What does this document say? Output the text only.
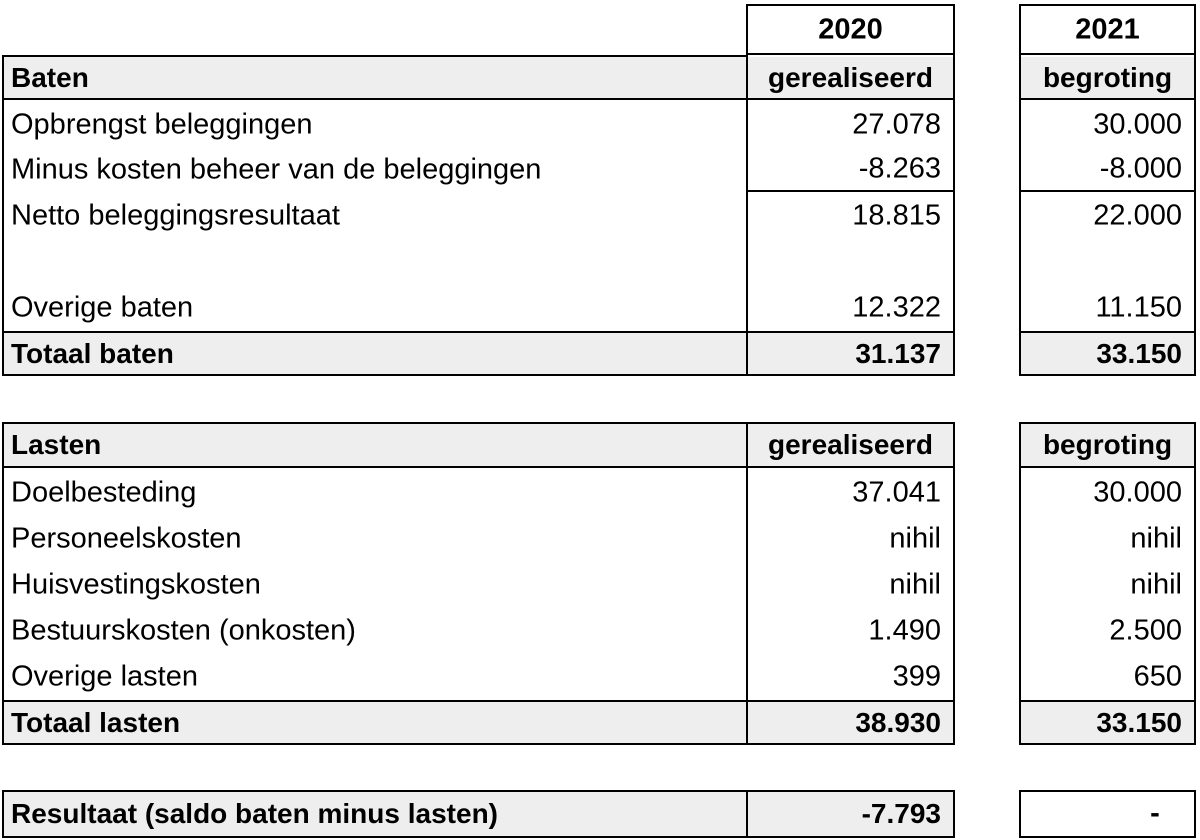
Baten
Opbrengst beleggingen
Minus kosten beheer van de beleggingen
Netto beleggingsresultaat
Overige baten
Totaal baten
2020
gerealiseerd
27.078
-8.263
18.815
12.322
31.137
2021
begroting
30.000
-8.000
22.000
11.150
33.150
Lasten
Doelbesteding
Personeelskosten
Huisvestingskosten
Bestuurskosten (onkosten)
Overige lasten
Totaal lasten
gerealiseerd
37.041
nihil
nihil
1.490
399
38.930
begroting
30.000
nihil
nihil
2.500
650
33.150
Resultaat (saldo baten minus lasten)	-7.793	-
